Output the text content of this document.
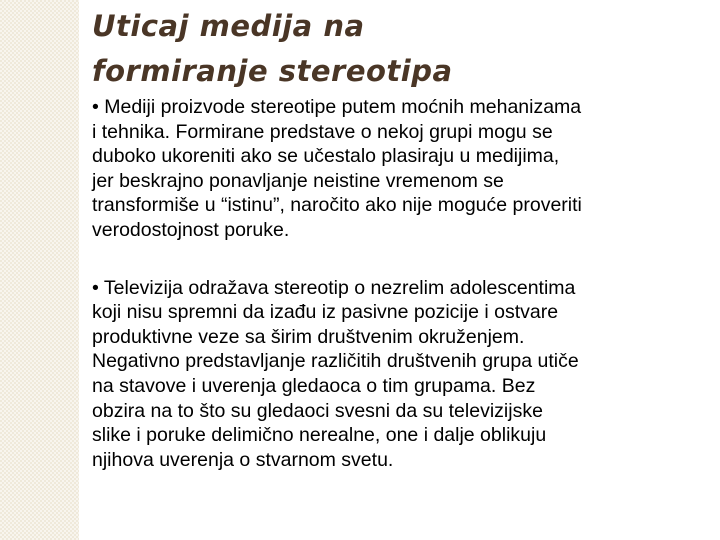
Uticaj medija na
formiranje stereotipa

• Mediji proizvode stereotipe putem moćnih mehanizama
i tehnika. Formirane predstave o nekoj grupi mogu se
duboko ukoreniti ako se učestalo plasiraju u medijima,
jer beskrajno ponavljanje neistine vremenom se
transformiše u “istinu”, naročito ako nije moguće proveriti
verodostojnost poruke.

• Televizija odražava stereotip o nezrelim adolescentima
koji nisu spremni da izađu iz pasivne pozicije i ostvare
produktivne veze sa širim društvenim okruženjem.
Negativno predstavljanje različitih društvenih grupa utiče
na stavove i uverenja gledaoca o tim grupama. Bez
obzira na to što su gledaoci svesni da su televizijske
slike i poruke delimično nerealne, one i dalje oblikuju
njihova uverenja o stvarnom svetu.
